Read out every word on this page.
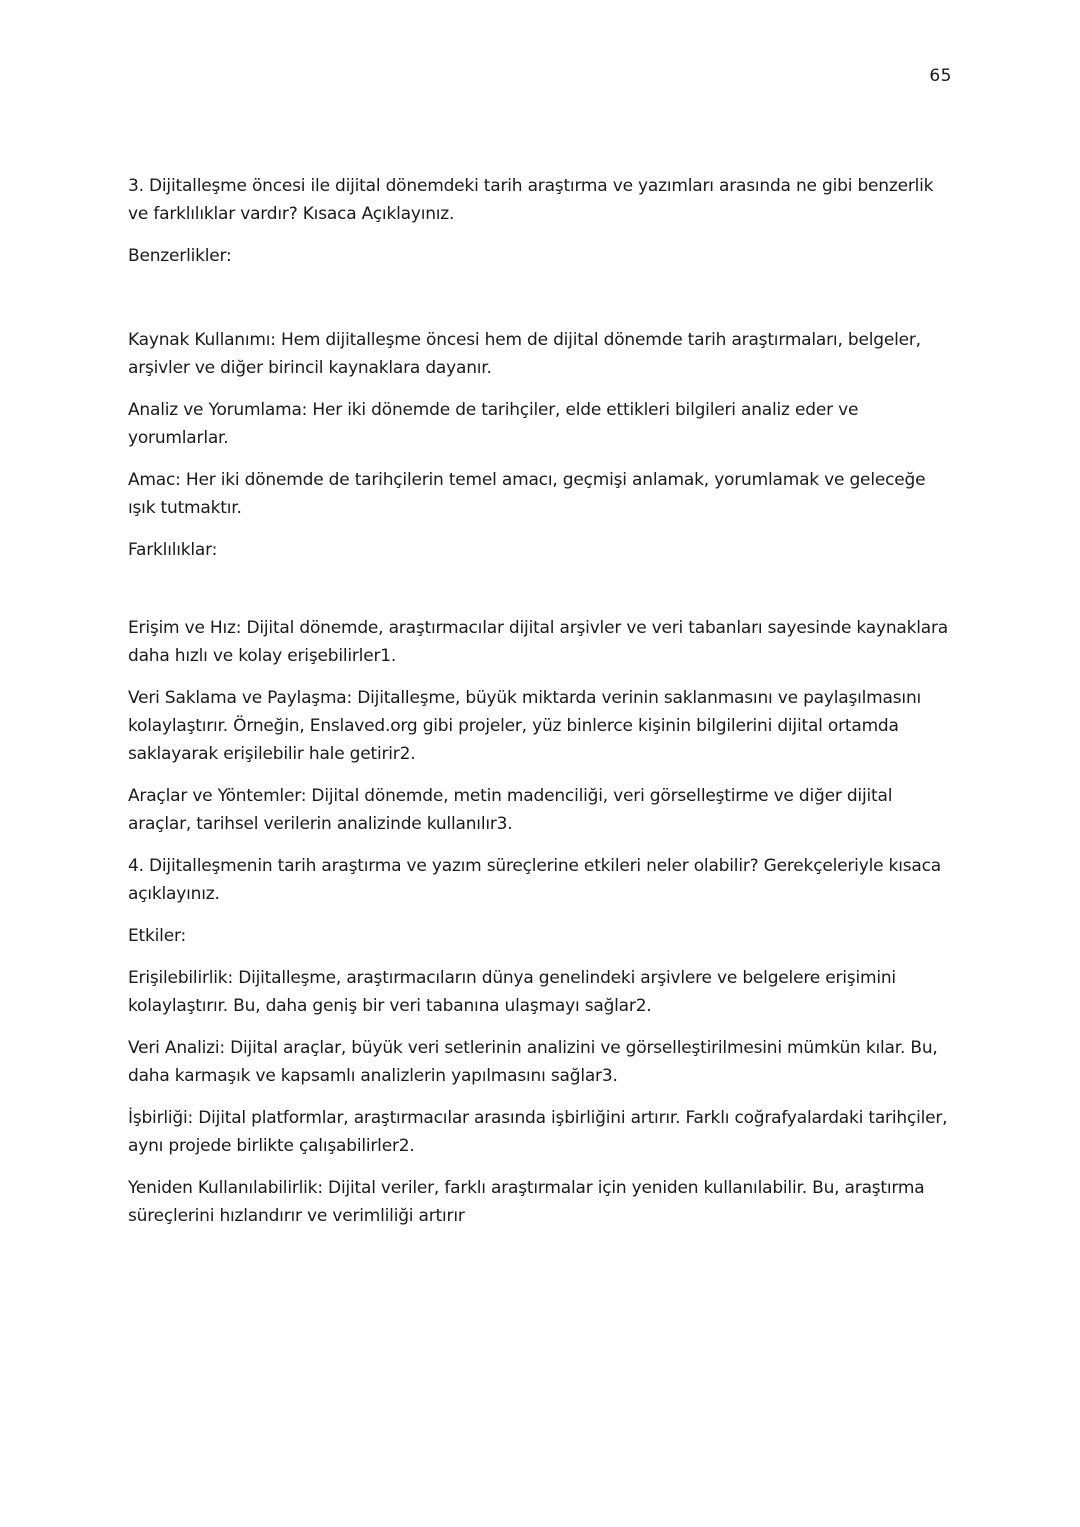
65

3. Dijitalleşme öncesi ile dijital dönemdeki tarih araştırma ve yazımları arasında ne gibi benzerlik ve farklılıklar vardır? Kısaca Açıklayınız.

Benzerlikler:

Kaynak Kullanımı: Hem dijitalleşme öncesi hem de dijital dönemde tarih araştırmaları, belgeler, arşivler ve diğer birincil kaynaklara dayanır.

Analiz ve Yorumlama: Her iki dönemde de tarihçiler, elde ettikleri bilgileri analiz eder ve yorumlarlar.

Amac: Her iki dönemde de tarihçilerin temel amacı, geçmişi anlamak, yorumlamak ve geleceğe ışık tutmaktır.

Farklılıklar:

Erişim ve Hız: Dijital dönemde, araştırmacılar dijital arşivler ve veri tabanları sayesinde kaynaklara daha hızlı ve kolay erişebilirler1.

Veri Saklama ve Paylaşma: Dijitalleşme, büyük miktarda verinin saklanmasını ve paylaşılmasını kolaylaştırır. Örneğin, Enslaved.org gibi projeler, yüz binlerce kişinin bilgilerini dijital ortamda saklayarak erişilebilir hale getirir2.

Araçlar ve Yöntemler: Dijital dönemde, metin madenciliği, veri görselleştirme ve diğer dijital araçlar, tarihsel verilerin analizinde kullanılır3.

4. Dijitalleşmenin tarih araştırma ve yazım süreçlerine etkileri neler olabilir? Gerekçeleriyle kısaca açıklayınız.

Etkiler:

Erişilebilirlik: Dijitalleşme, araştırmacıların dünya genelindeki arşivlere ve belgelere erişimini kolaylaştırır. Bu, daha geniş bir veri tabanına ulaşmayı sağlar2.

Veri Analizi: Dijital araçlar, büyük veri setlerinin analizini ve görselleştirilmesini mümkün kılar. Bu, daha karmaşık ve kapsamlı analizlerin yapılmasını sağlar3.

İşbirliği: Dijital platformlar, araştırmacılar arasında işbirliğini artırır. Farklı coğrafyalardaki tarihçiler, aynı projede birlikte çalışabilirler2.

Yeniden Kullanılabilirlik: Dijital veriler, farklı araştırmalar için yeniden kullanılabilir. Bu, araştırma süreçlerini hızlandırır ve verimliliği artırır
